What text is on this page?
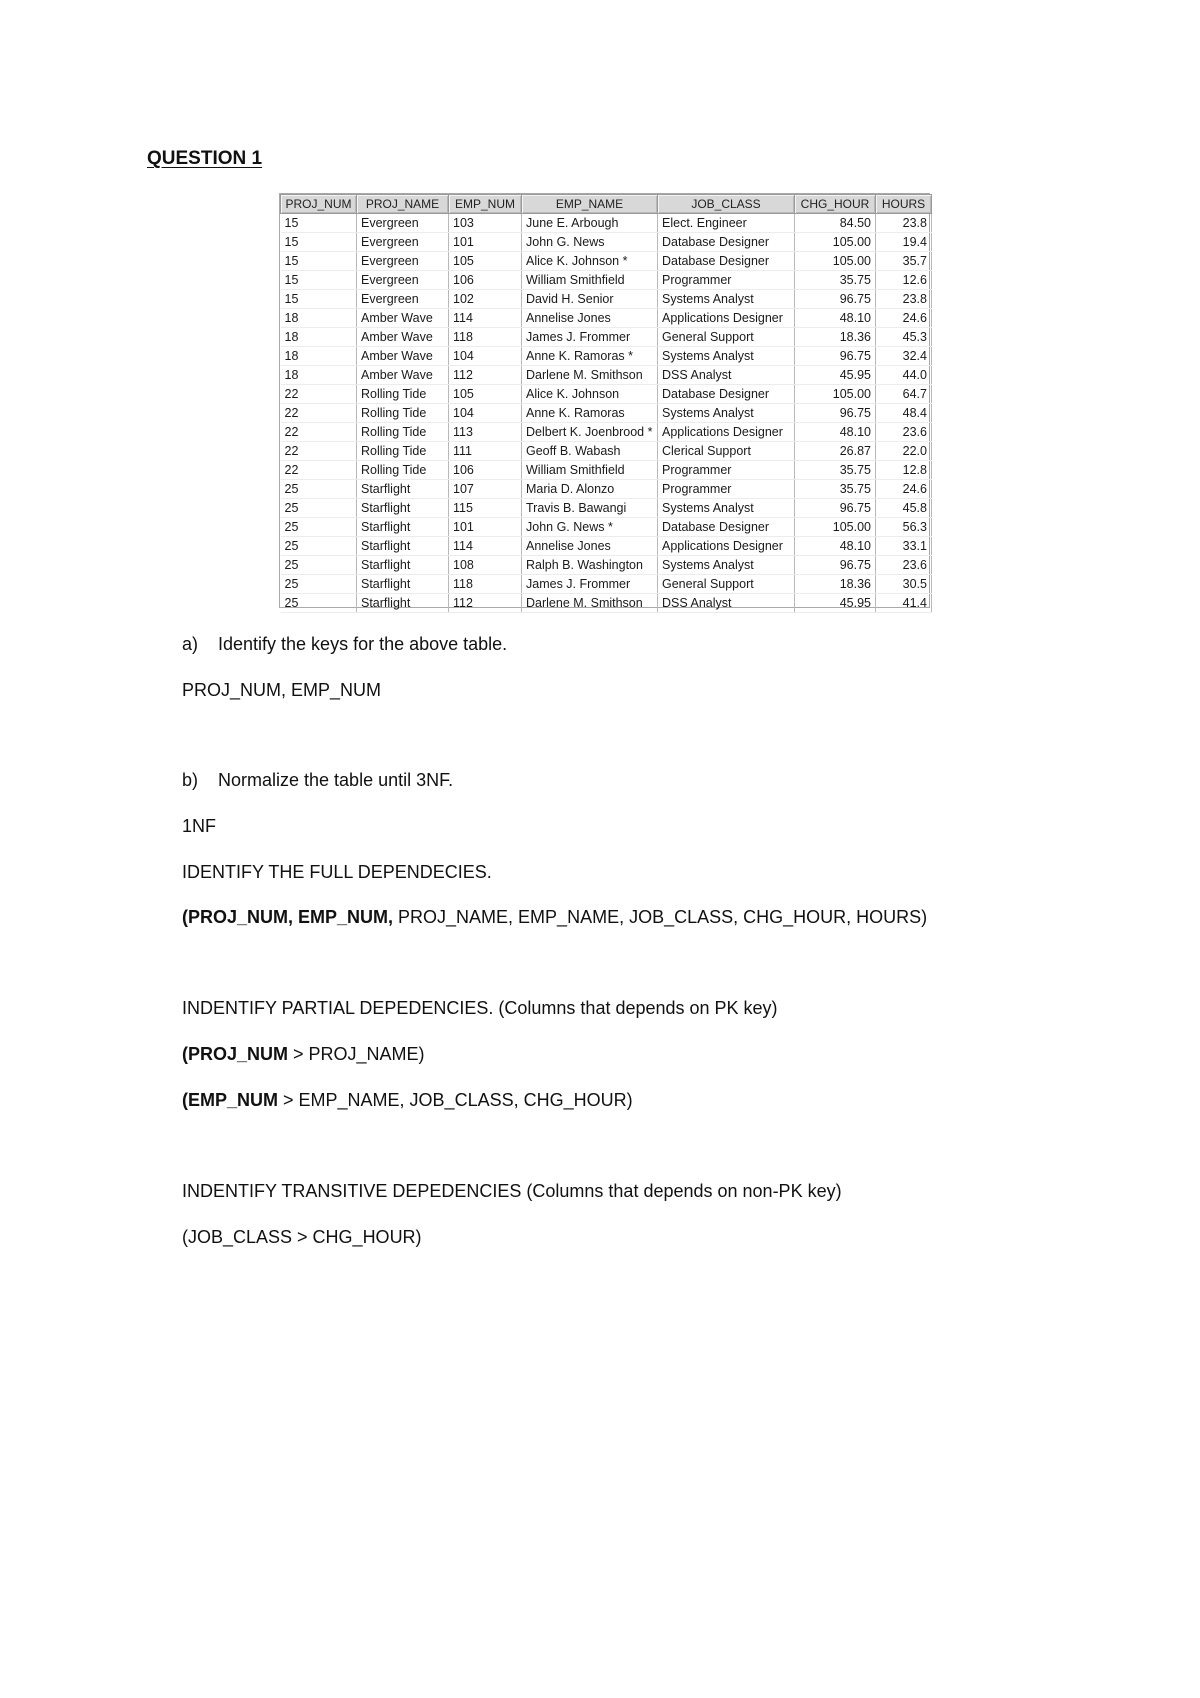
QUESTION 1
PROJ_NUM	PROJ_NAME	EMP_NUM	EMP_NAME	JOB_CLASS	CHG_HOUR	HOURS
15	Evergreen	103	June E. Arbough	Elect. Engineer	84.50	23.8
15	Evergreen	101	John G. News	Database Designer	105.00	19.4
15	Evergreen	105	Alice K. Johnson *	Database Designer	105.00	35.7
15	Evergreen	106	William Smithfield	Programmer	35.75	12.6
15	Evergreen	102	David H. Senior	Systems Analyst	96.75	23.8
18	Amber Wave	114	Annelise Jones	Applications Designer	48.10	24.6
18	Amber Wave	118	James J. Frommer	General Support	18.36	45.3
18	Amber Wave	104	Anne K. Ramoras *	Systems Analyst	96.75	32.4
18	Amber Wave	112	Darlene M. Smithson	DSS Analyst	45.95	44.0
22	Rolling Tide	105	Alice K. Johnson	Database Designer	105.00	64.7
22	Rolling Tide	104	Anne K. Ramoras	Systems Analyst	96.75	48.4
22	Rolling Tide	113	Delbert K. Joenbrood *	Applications Designer	48.10	23.6
22	Rolling Tide	111	Geoff B. Wabash	Clerical Support	26.87	22.0
22	Rolling Tide	106	William Smithfield	Programmer	35.75	12.8
25	Starflight	107	Maria D. Alonzo	Programmer	35.75	24.6
25	Starflight	115	Travis B. Bawangi	Systems Analyst	96.75	45.8
25	Starflight	101	John G. News *	Database Designer	105.00	56.3
25	Starflight	114	Annelise Jones	Applications Designer	48.10	33.1
25	Starflight	108	Ralph B. Washington	Systems Analyst	96.75	23.6
25	Starflight	118	James J. Frommer	General Support	18.36	30.5
25	Starflight	112	Darlene M. Smithson	DSS Analyst	45.95	41.4
a) Identify the keys for the above table.
PROJ_NUM, EMP_NUM
b) Normalize the table until 3NF.
1NF
IDENTIFY THE FULL DEPENDECIES.
(PROJ_NUM, EMP_NUM, PROJ_NAME, EMP_NAME, JOB_CLASS, CHG_HOUR, HOURS)
INDENTIFY PARTIAL DEPEDENCIES. (Columns that depends on PK key)
(PROJ_NUM > PROJ_NAME)
(EMP_NUM > EMP_NAME, JOB_CLASS, CHG_HOUR)
INDENTIFY TRANSITIVE DEPEDENCIES (Columns that depends on non-PK key)
(JOB_CLASS > CHG_HOUR)
